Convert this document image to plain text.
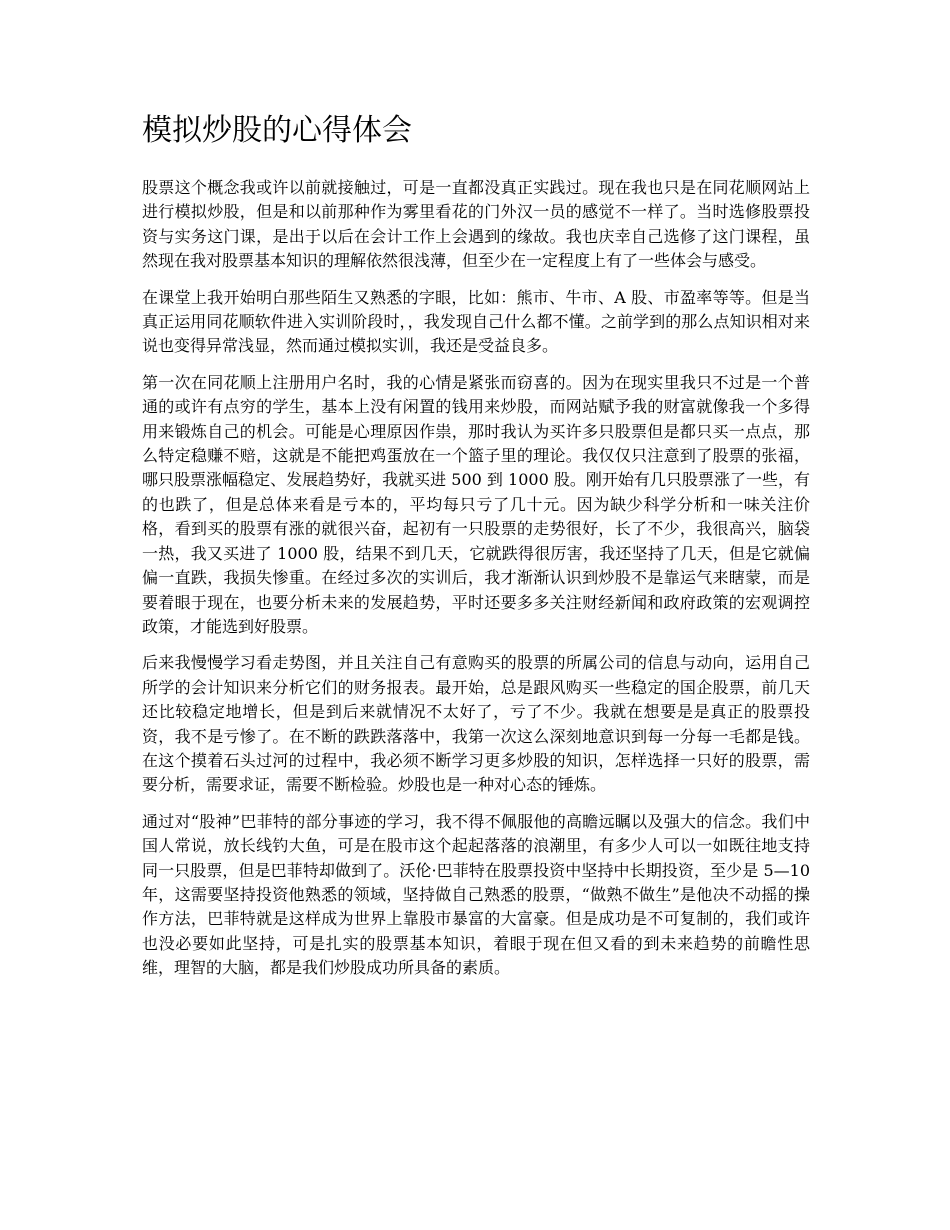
模拟炒股的心得体会

股票这个概念我或许以前就接触过，可是一直都没真正实践过。现在我也只是在同花顺网站上进行模拟炒股，但是和以前那种作为雾里看花的门外汉一员的感觉不一样了。当时选修股票投资与实务这门课，是出于以后在会计工作上会遇到的缘故。我也庆幸自己选修了这门课程，虽然现在我对股票基本知识的理解依然很浅薄，但至少在一定程度上有了一些体会与感受。

在课堂上我开始明白那些陌生又熟悉的字眼，比如：熊市、牛市、A 股、市盈率等等。但是当真正运用同花顺软件进入实训阶段时，，我发现自己什么都不懂。之前学到的那么点知识相对来说也变得异常浅显，然而通过模拟实训，我还是受益良多。

第一次在同花顺上注册用户名时，我的心情是紧张而窃喜的。因为在现实里我只不过是一个普通的或许有点穷的学生，基本上没有闲置的钱用来炒股，而网站赋予我的财富就像我一个多得用来锻炼自己的机会。可能是心理原因作祟，那时我认为买许多只股票但是都只买一点点，那么特定稳赚不赔，这就是不能把鸡蛋放在一个篮子里的理论。我仅仅只注意到了股票的张福，哪只股票涨幅稳定、发展趋势好，我就买进 500 到 1000 股。刚开始有几只股票涨了一些，有的也跌了，但是总体来看是亏本的，平均每只亏了几十元。因为缺少科学分析和一味关注价格，看到买的股票有涨的就很兴奋，起初有一只股票的走势很好，长了不少，我很高兴，脑袋一热，我又买进了 1000 股，结果不到几天，它就跌得很厉害，我还坚持了几天，但是它就偏偏一直跌，我损失惨重。在经过多次的实训后，我才渐渐认识到炒股不是靠运气来瞎蒙，而是要着眼于现在，也要分析未来的发展趋势，平时还要多多关注财经新闻和政府政策的宏观调控政策，才能选到好股票。

后来我慢慢学习看走势图，并且关注自己有意购买的股票的所属公司的信息与动向，运用自己所学的会计知识来分析它们的财务报表。最开始，总是跟风购买一些稳定的国企股票，前几天还比较稳定地增长，但是到后来就情况不太好了，亏了不少。我就在想要是是真正的股票投资，我不是亏惨了。在不断的跌跌落落中，我第一次这么深刻地意识到每一分每一毛都是钱。在这个摸着石头过河的过程中，我必须不断学习更多炒股的知识，怎样选择一只好的股票，需要分析，需要求证，需要不断检验。炒股也是一种对心态的锤炼。

通过对“股神”巴菲特的部分事迹的学习，我不得不佩服他的高瞻远瞩以及强大的信念。我们中国人常说，放长线钓大鱼，可是在股市这个起起落落的浪潮里，有多少人可以一如既往地支持同一只股票，但是巴菲特却做到了。沃伦·巴菲特在股票投资中坚持中长期投资，至少是 5—10 年，这需要坚持投资他熟悉的领域，坚持做自己熟悉的股票，“做熟不做生”是他决不动摇的操作方法，巴菲特就是这样成为世界上靠股市暴富的大富豪。但是成功是不可复制的，我们或许也没必要如此坚持，可是扎实的股票基本知识，着眼于现在但又看的到未来趋势的前瞻性思维，理智的大脑，都是我们炒股成功所具备的素质。
